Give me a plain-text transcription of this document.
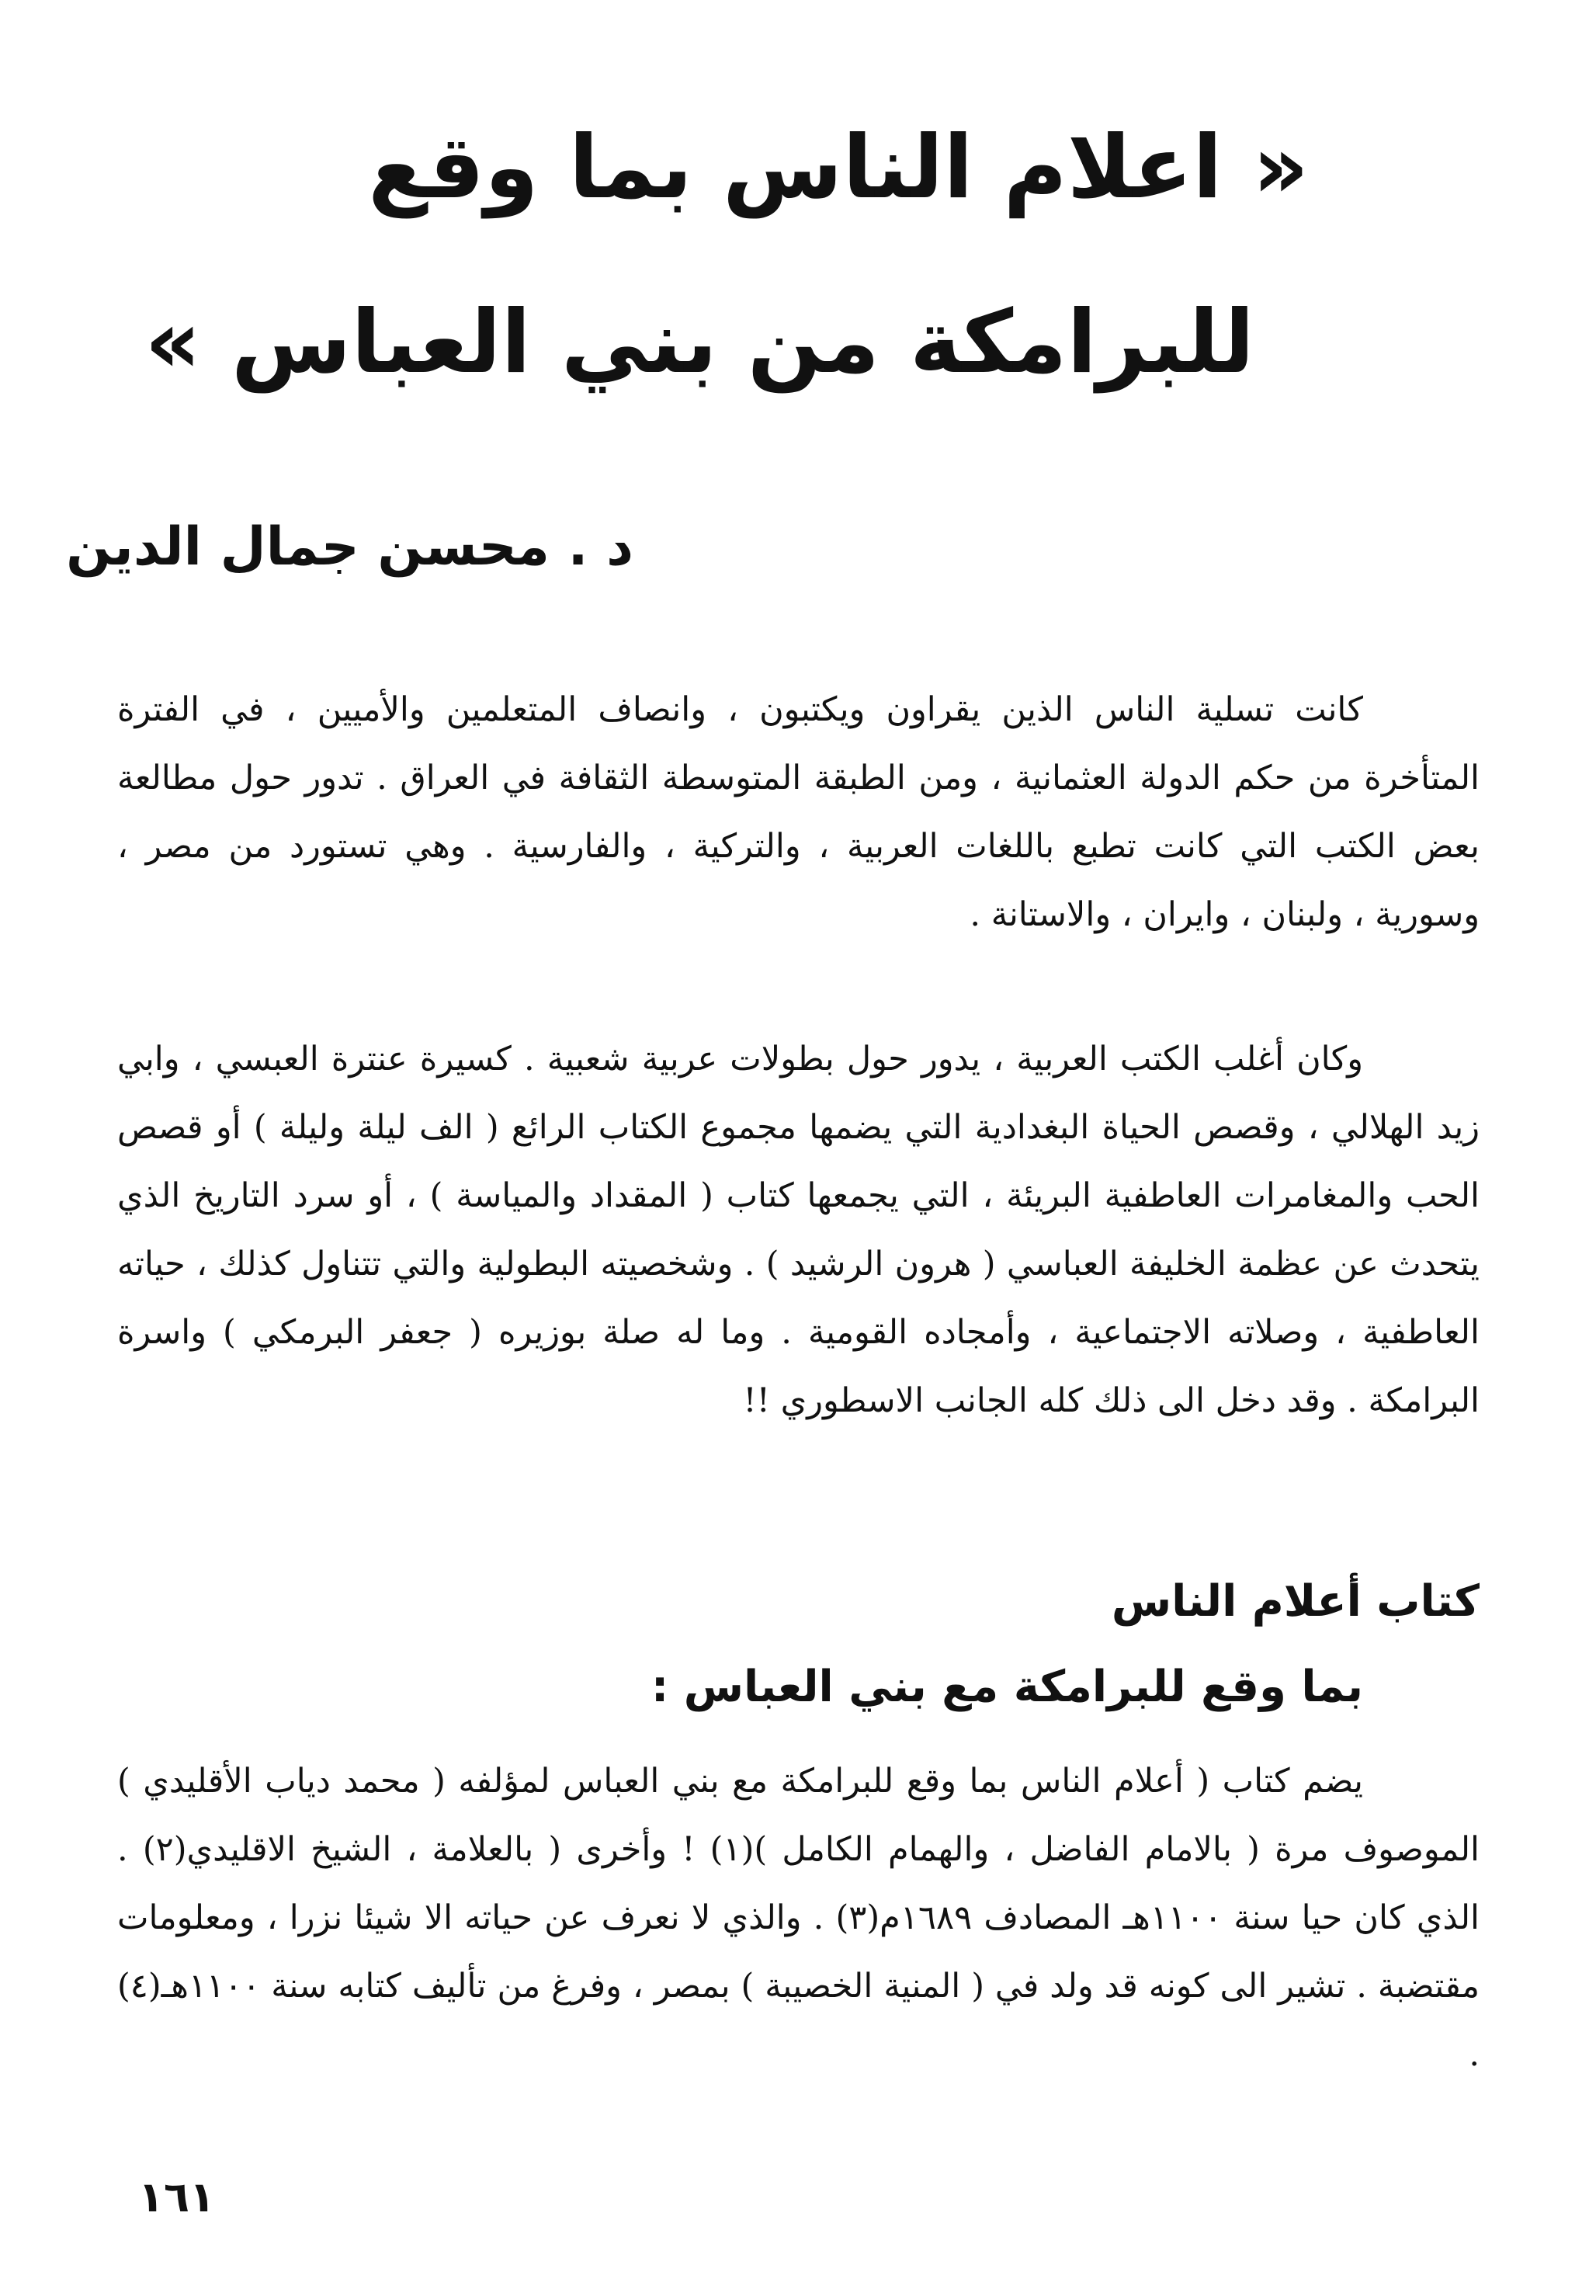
« اعلام الناس بما وقع
للبرامكة من بني العباس »
د . محسن جمال الدين

كانت تسلية الناس الذين يقراون ويكتبون ، وانصاف المتعلمين والأميين ، في الفترة المتأخرة من حكم الدولة العثمانية ، ومن الطبقة المتوسطة الثقافة في العراق . تدور حول مطالعة بعض الكتب التي كانت تطبع باللغات العربية ، والتركية ، والفارسية . وهي تستورد من مصر ، وسورية ، ولبنان ، وايران ، والاستانة .

وكان أغلب الكتب العربية ، يدور حول بطولات عربية شعبية . كسيرة عنترة العبسي ، وابي زيد الهلالي ، وقصص الحياة البغدادية التي يضمها مجموع الكتاب الرائع ( الف ليلة وليلة ) أو قصص الحب والمغامرات العاطفية البريئة ، التي يجمعها كتاب ( المقداد والمياسة ) ، أو سرد التاريخ الذي يتحدث عن عظمة الخليفة العباسي ( هرون الرشيد ) . وشخصيته البطولية والتي تتناول كذلك ، حياته العاطفية ، وصلاته الاجتماعية ، وأمجاده القومية . وما له صلة بوزيره ( جعفر البرمكي ) واسرة البرامكة . وقد دخل الى ذلك كله الجانب الاسطوري !!

كتاب أعلام الناس
بما وقع للبرامكة مع بني العباس :

يضم كتاب ( أعلام الناس بما وقع للبرامكة مع بني العباس لمؤلفه ( محمد دياب الأقليدي ) الموصوف مرة ( بالامام الفاضل ، والهمام الكامل )(١) ! وأخرى ( بالعلامة ، الشيخ الاقليدي(٢) . الذي كان حيا سنة ١١٠٠هـ المصادف ١٦٨٩م(٣) . والذي لا نعرف عن حياته الا شيئا نزرا ، ومعلومات مقتضبة . تشير الى كونه قد ولد في ( المنية الخصيبة ) بمصر ، وفرغ من تأليف كتابه سنة ١١٠٠هـ(٤) .

١٦١
